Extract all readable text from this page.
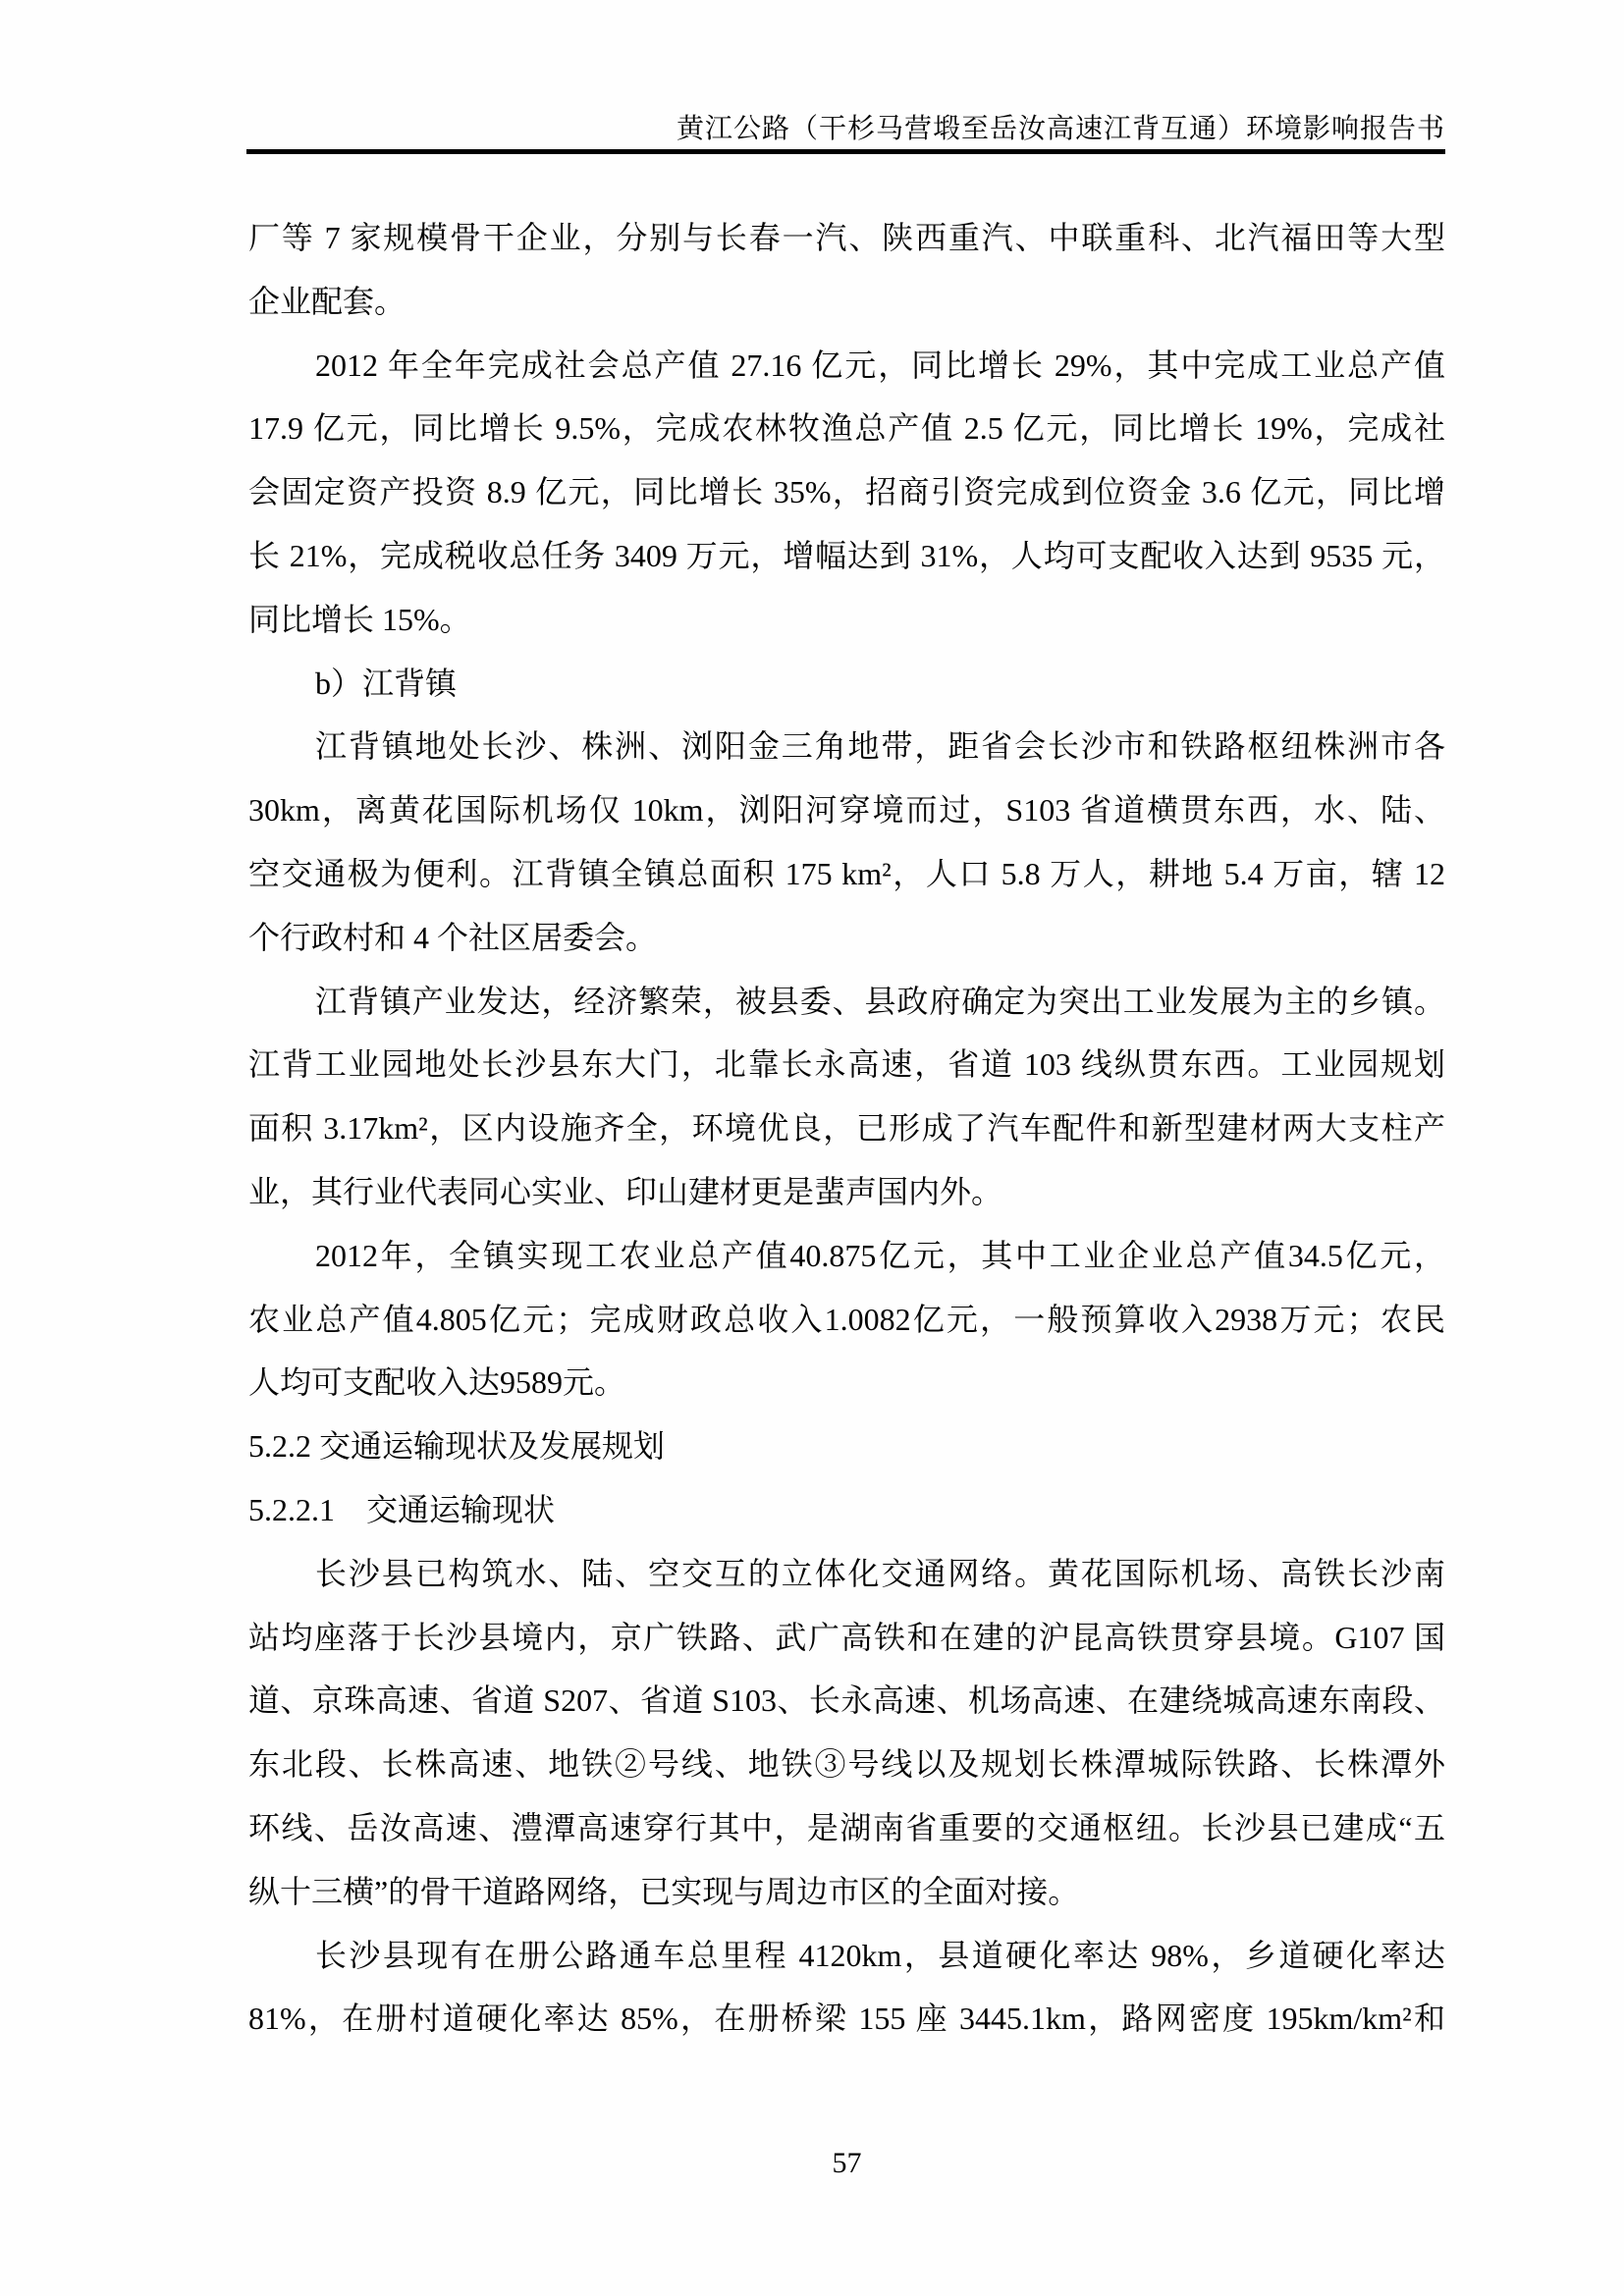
黄江公路（干杉马营塅至岳汝高速江背互通）环境影响报告书
厂等 7 家规模骨干企业，分别与长春一汽、陕西重汽、中联重科、北汽福田等大型
企业配套。
2012 年全年完成社会总产值 27.16 亿元，同比增长 29%，其中完成工业总产值
17.9 亿元，同比增长 9.5%，完成农林牧渔总产值 2.5 亿元，同比增长 19%，完成社
会固定资产投资 8.9 亿元，同比增长 35%，招商引资完成到位资金 3.6 亿元，同比增
长 21%，完成税收总任务 3409 万元，增幅达到 31%，人均可支配收入达到 9535 元，
同比增长 15%。
b）江背镇
江背镇地处长沙、株洲、浏阳金三角地带，距省会长沙市和铁路枢纽株洲市各
30km，离黄花国际机场仅 10km，浏阳河穿境而过，S103 省道横贯东西，水、陆、
空交通极为便利。江背镇全镇总面积 175 km²，人口 5.8 万人，耕地 5.4 万亩，辖 12
个行政村和 4 个社区居委会。
江背镇产业发达，经济繁荣，被县委、县政府确定为突出工业发展为主的乡镇。
江背工业园地处长沙县东大门，北靠长永高速，省道 103 线纵贯东西。工业园规划
面积 3.17km²，区内设施齐全，环境优良，已形成了汽车配件和新型建材两大支柱产
业，其行业代表同心实业、印山建材更是蜚声国内外。
2012年，全镇实现工农业总产值40.875亿元，其中工业企业总产值34.5亿元，
农业总产值4.805亿元；完成财政总收入1.0082亿元，一般预算收入2938万元；农民
人均可支配收入达9589元。
5.2.2 交通运输现状及发展规划
5.2.2.1　交通运输现状
长沙县已构筑水、陆、空交互的立体化交通网络。黄花国际机场、高铁长沙南
站均座落于长沙县境内，京广铁路、武广高铁和在建的沪昆高铁贯穿县境。G107 国
道、京珠高速、省道 S207、省道 S103、长永高速、机场高速、在建绕城高速东南段、
东北段、长株高速、地铁②号线、地铁③号线以及规划长株潭城际铁路、长株潭外
环线、岳汝高速、澧潭高速穿行其中，是湖南省重要的交通枢纽。长沙县已建成“五
纵十三横”的骨干道路网络，已实现与周边市区的全面对接。
长沙县现有在册公路通车总里程 4120km，县道硬化率达 98%，乡道硬化率达
81%，在册村道硬化率达 85%，在册桥梁 155 座 3445.1km，路网密度 195km/km²和
57
